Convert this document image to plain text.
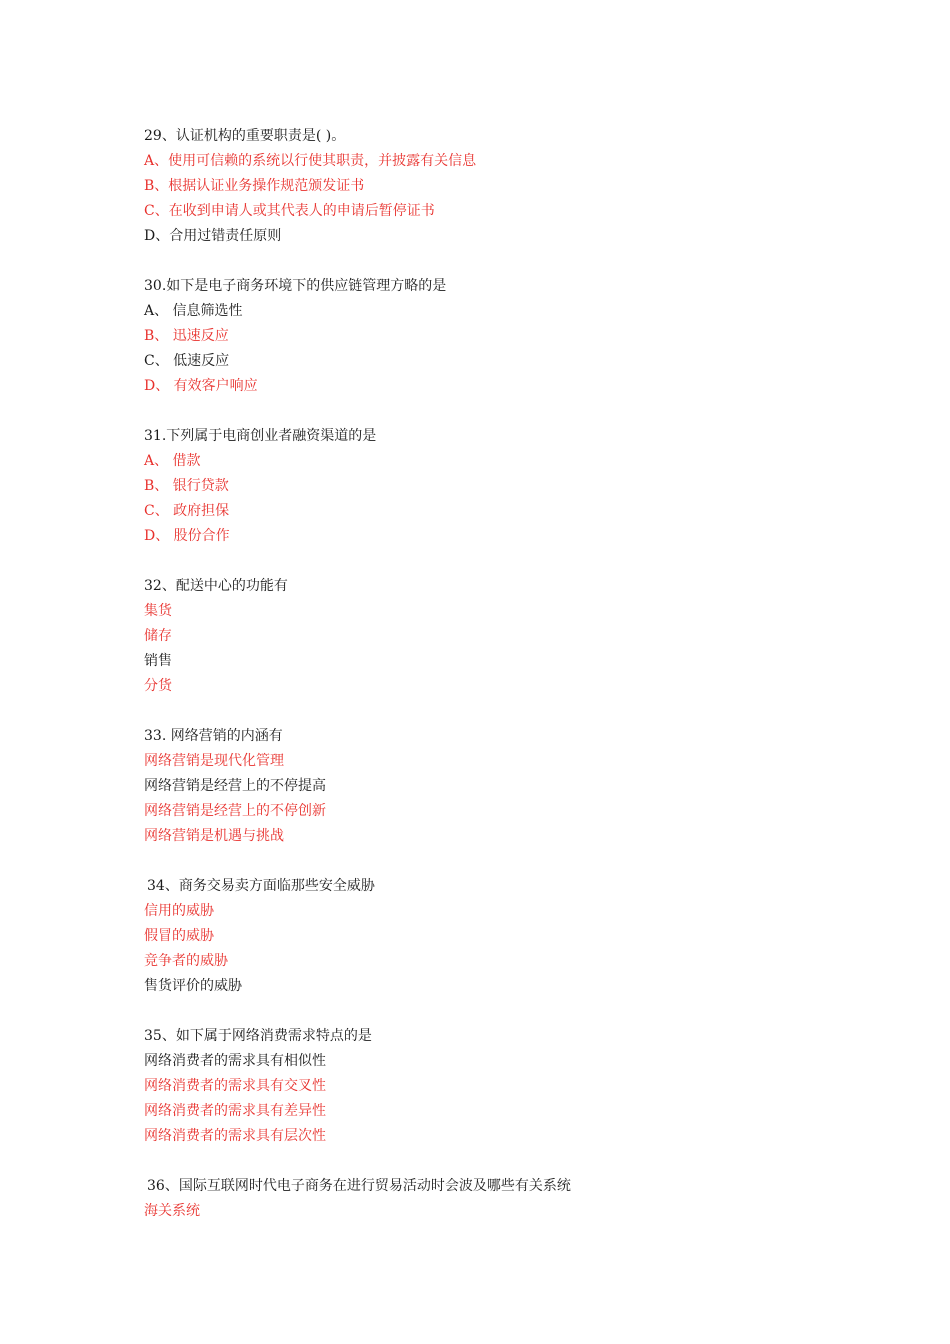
29、认证机构的重要职责是( )。
A、使用可信赖的系统以行使其职责，并披露有关信息
B、根据认证业务操作规范颁发证书
C、在收到申请人或其代表人的申请后暂停证书
D、合用过错责任原则
30.如下是电子商务环境下的供应链管理方略的是
A、 信息筛选性
B、 迅速反应
C、 低速反应
D、 有效客户响应
31.下列属于电商创业者融资渠道的是
A、 借款
B、 银行贷款
C、 政府担保
D、 股份合作
32、配送中心的功能有
集货
储存
销售
分货
33. 网络营销的内涵有
网络营销是现代化管理
网络营销是经营上的不停提高
网络营销是经营上的不停创新
网络营销是机遇与挑战
34、商务交易卖方面临那些安全威胁
信用的威胁
假冒的威胁
竞争者的威胁
售货评价的威胁
35、如下属于网络消费需求特点的是
网络消费者的需求具有相似性
网络消费者的需求具有交叉性
网络消费者的需求具有差异性
网络消费者的需求具有层次性
36、国际互联网时代电子商务在进行贸易活动时会波及哪些有关系统
海关系统
